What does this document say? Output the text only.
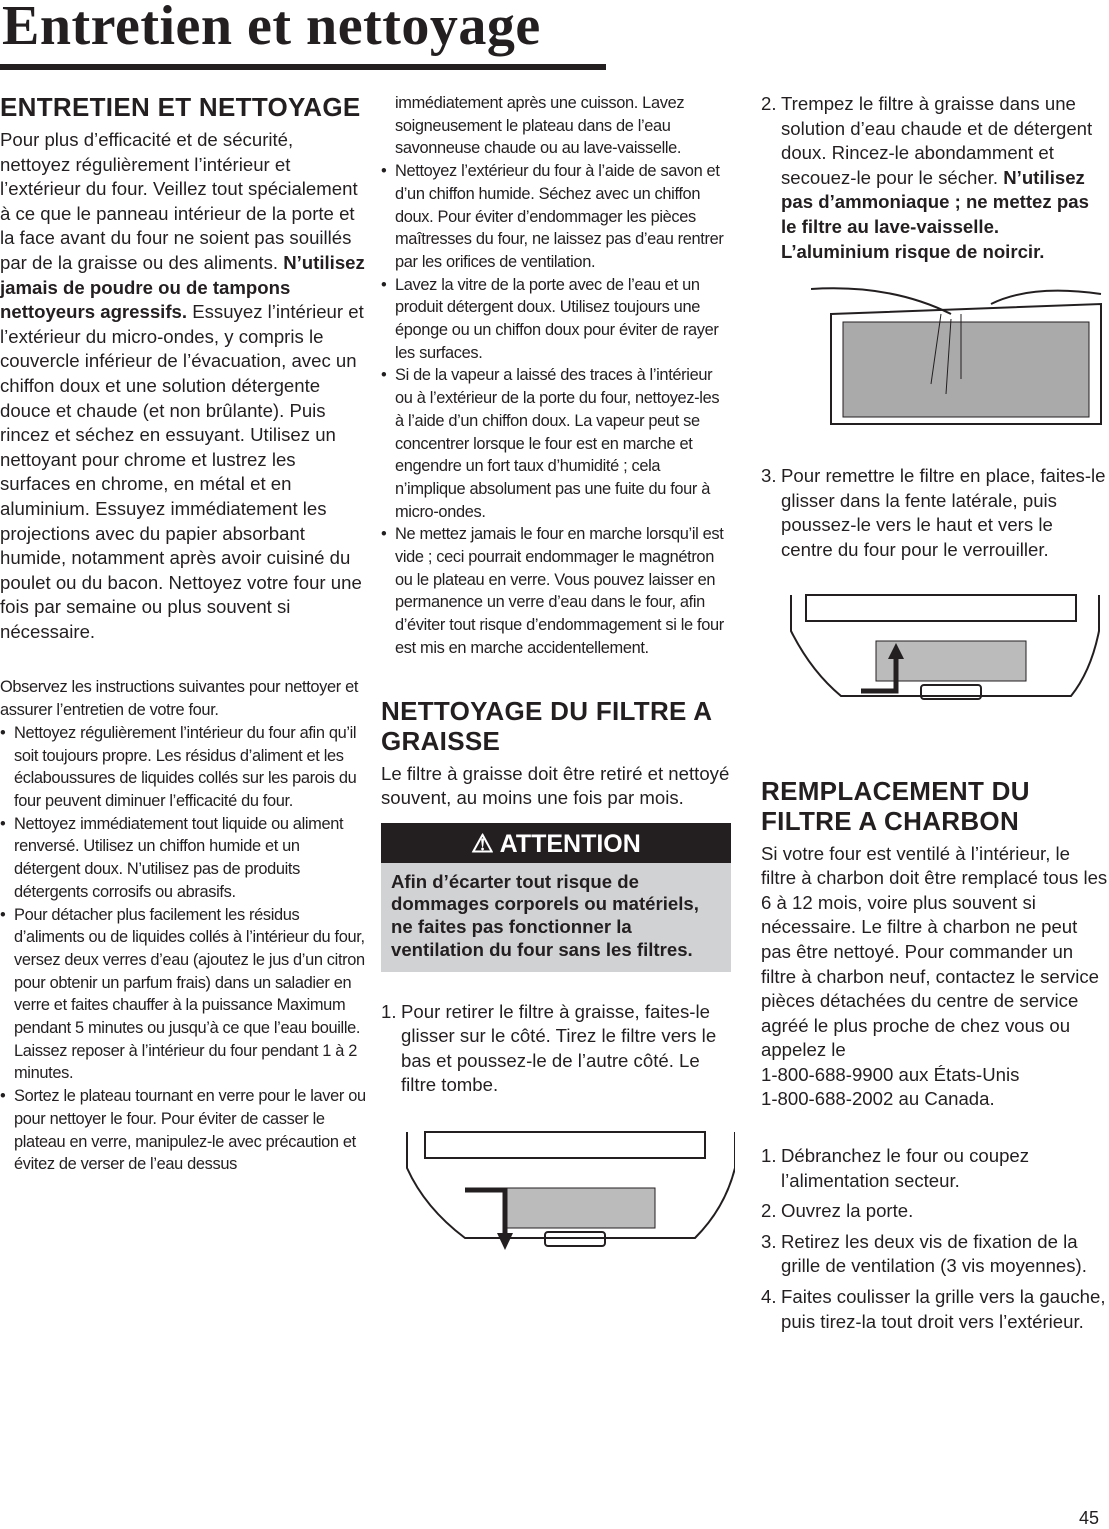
Entretien et nettoyage
ENTRETIEN ET NETTOYAGE

Pour plus d’efficacité et de sécurité, nettoyez régulièrement l’intérieur et l’extérieur du four. Veillez tout spécialement à ce que le panneau intérieur de la porte et la face avant du four ne soient pas souillés par de la graisse ou des aliments. N’utilisez jamais de poudre ou de tampons nettoyeurs agressifs. Essuyez l’intérieur et l’extérieur du micro-ondes, y compris le couvercle inférieur de l’évacuation, avec un chiffon doux et une solution détergente douce et chaude (et non brûlante). Puis rincez et séchez en essuyant. Utilisez un nettoyant pour chrome et lustrez les surfaces en chrome, en métal et en aluminium. Essuyez immédiatement les projections avec du papier absorbant humide, notamment après avoir cuisiné du poulet ou du bacon. Nettoyez votre four une fois par semaine ou plus souvent si nécessaire.

Observez les instructions suivantes pour nettoyer et assurer l’entretien de votre four.

• Nettoyez régulièrement l’intérieur du four afin qu’il soit toujours propre. Les résidus d’aliment et les éclaboussures de liquides collés sur les parois du four peuvent diminuer l’efficacité du four.
• Nettoyez immédiatement tout liquide ou aliment renversé. Utilisez un chiffon humide et un détergent doux. N’utilisez pas de produits détergents corrosifs ou abrasifs.
• Pour détacher plus facilement les résidus d’aliments ou de liquides collés à l’intérieur du four, versez deux verres d’eau (ajoutez le jus d’un citron pour obtenir un parfum frais) dans un saladier en verre et faites chauffer à la puissance Maximum pendant 5 minutes ou jusqu’à ce que l’eau bouille. Laissez reposer à l’intérieur du four pendant 1 à 2 minutes.
• Sortez le plateau tournant en verre pour le laver ou pour nettoyer le four. Pour éviter de casser le plateau en verre, manipulez-le avec précaution et évitez de verser de l’eau dessus

immédiatement après une cuisson. Lavez soigneusement le plateau dans de l’eau savonneuse chaude ou au lave-vaisselle.

• Nettoyez l’extérieur du four à l’aide de savon et d’un chiffon humide. Séchez avec un chiffon doux. Pour éviter d’endommager les pièces maîtresses du four, ne laissez pas d’eau rentrer par les orifices de ventilation.
• Lavez la vitre de la porte avec de l’eau et un produit détergent doux. Utilisez toujours une éponge ou un chiffon doux pour éviter de rayer les surfaces.
• Si de la vapeur a laissé des traces à l’intérieur ou à l’extérieur de la porte du four, nettoyez-les à l’aide d’un chiffon doux. La vapeur peut se concentrer lorsque le four est en marche et engendre un fort taux d’humidité ; cela n’implique absolument pas une fuite du four à micro-ondes.
• Ne mettez jamais le four en marche lorsqu’il est vide ; ceci pourrait endommager le magnétron ou le plateau en verre. Vous pouvez laisser en permanence un verre d’eau dans le four, afin d’éviter tout risque d’endommagement si le four est mis en marche accidentellement.
NETTOYAGE DU FILTRE A GRAISSE

Le filtre à graisse doit être retiré et nettoyé souvent, au moins une fois par mois.

⚠ ATTENTION
Afin d’écarter tout risque de dommages corporels ou matériels, ne faites pas fonctionner la ventilation du four sans les filtres.
1. Pour retirer le filtre à graisse, faites-le glisser sur le côté. Tirez le filtre vers le bas et poussez-le de l’autre côté. Le filtre tombe.
2. Trempez le filtre à graisse dans une solution d’eau chaude et de détergent doux. Rincez-le abondamment et secouez-le pour le sécher. N’utilisez pas d’ammoniaque ; ne mettez pas le filtre au lave-vaisselle. L’aluminium risque de noircir.
3. Pour remettre le filtre en place, faites-le glisser dans la fente latérale, puis poussez-le vers le haut et vers le centre du four pour le verrouiller.
REMPLACEMENT DU FILTRE A CHARBON

Si votre four est ventilé à l’intérieur, le filtre à charbon doit être remplacé tous les 6 à 12 mois, voire plus souvent si nécessaire. Le filtre à charbon ne peut pas être nettoyé. Pour commander un filtre à charbon neuf, contactez le service pièces détachées du centre de service agréé le plus proche de chez vous ou appelez le

1-800-688-9900 aux États-Unis

1-800-688-2002 au Canada.

1. Débranchez le four ou coupez l’alimentation secteur.
2. Ouvrez la porte.
3. Retirez les deux vis de fixation de la grille de ventilation (3 vis moyennes).
4. Faites coulisser la grille vers la gauche, puis tirez-la tout droit vers l’extérieur.
45
